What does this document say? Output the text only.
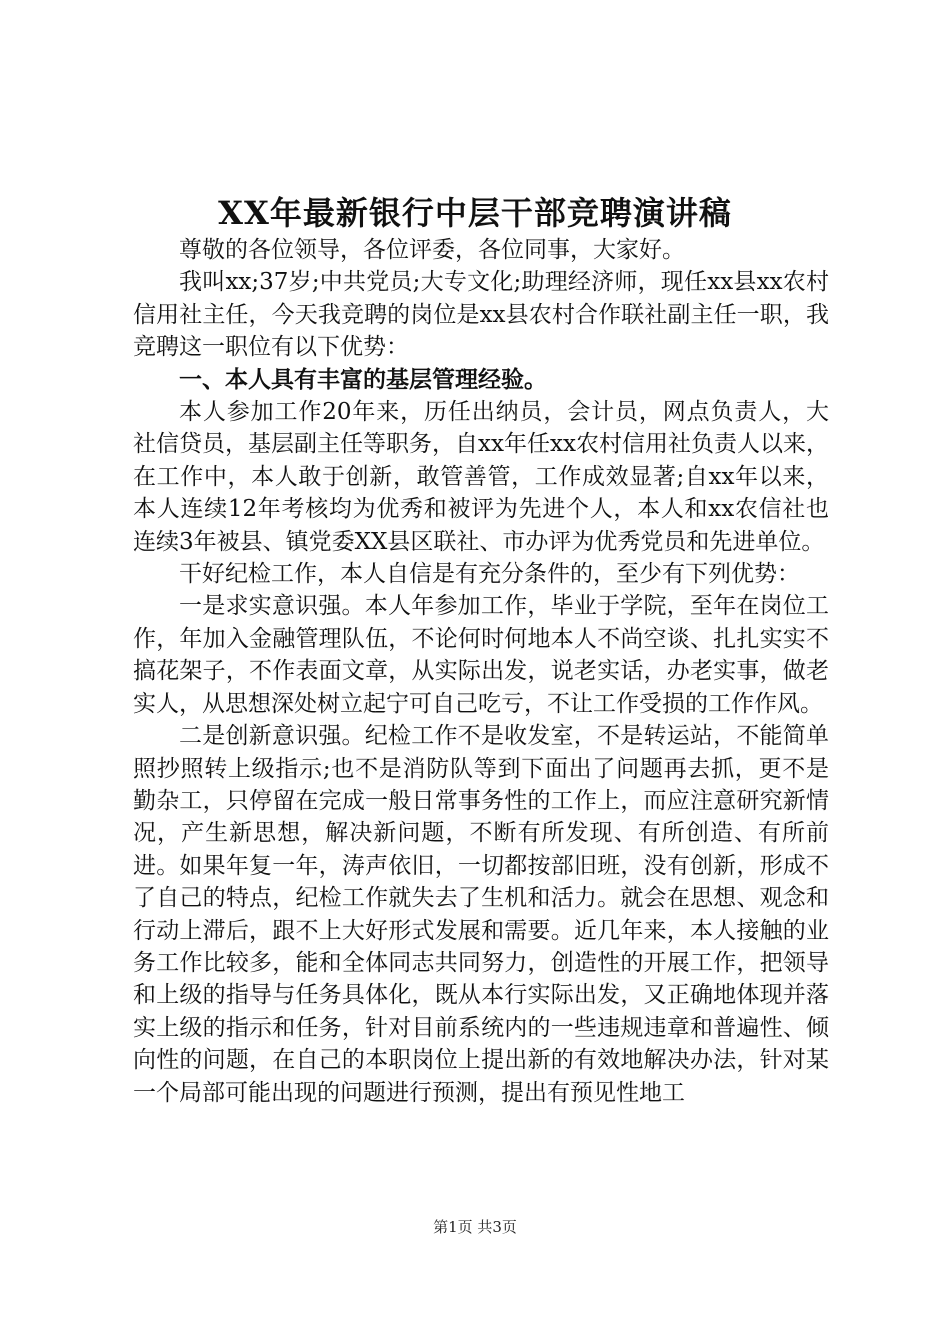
XX年最新银行中层干部竞聘演讲稿

尊敬的各位领导，各位评委，各位同事，大家好。

我叫xx;37岁;中共党员;大专文化;助理经济师，现任xx县xx农村信用社主任，今天我竞聘的岗位是xx县农村合作联社副主任一职，我竞聘这一职位有以下优势：

一、本人具有丰富的基层管理经验。

本人参加工作20年来，历任出纳员，会计员，网点负责人，大社信贷员，基层副主任等职务，自xx年任xx农村信用社负责人以来，在工作中，本人敢于创新，敢管善管，工作成效显著;自xx年以来，本人连续12年考核均为优秀和被评为先进个人，本人和xx农信社也连续3年被县、镇党委XX县区联社、市办评为优秀党员和先进单位。

干好纪检工作，本人自信是有充分条件的，至少有下列优势：

一是求实意识强。本人年参加工作，毕业于学院，至年在岗位工作，年加入金融管理队伍，不论何时何地本人不尚空谈、扎扎实实不搞花架子，不作表面文章，从实际出发，说老实话，办老实事，做老实人，从思想深处树立起宁可自己吃亏，不让工作受损的工作作风。

二是创新意识强。纪检工作不是收发室，不是转运站，不能简单照抄照转上级指示;也不是消防队等到下面出了问题再去抓，更不是勤杂工，只停留在完成一般日常事务性的工作上，而应注意研究新情况，产生新思想，解决新问题，不断有所发现、有所创造、有所前进。如果年复一年，涛声依旧，一切都按部旧班，没有创新，形成不了自己的特点，纪检工作就失去了生机和活力。就会在思想、观念和行动上滞后，跟不上大好形式发展和需要。近几年来，本人接触的业务工作比较多，能和全体同志共同努力，创造性的开展工作，把领导和上级的指导与任务具体化，既从本行实际出发，又正确地体现并落实上级的指示和任务，针对目前系统内的一些违规违章和普遍性、倾向性的问题，在自己的本职岗位上提出新的有效地解决办法，针对某一个局部可能出现的问题进行预测，提出有预见性地工

第1页 共3页
